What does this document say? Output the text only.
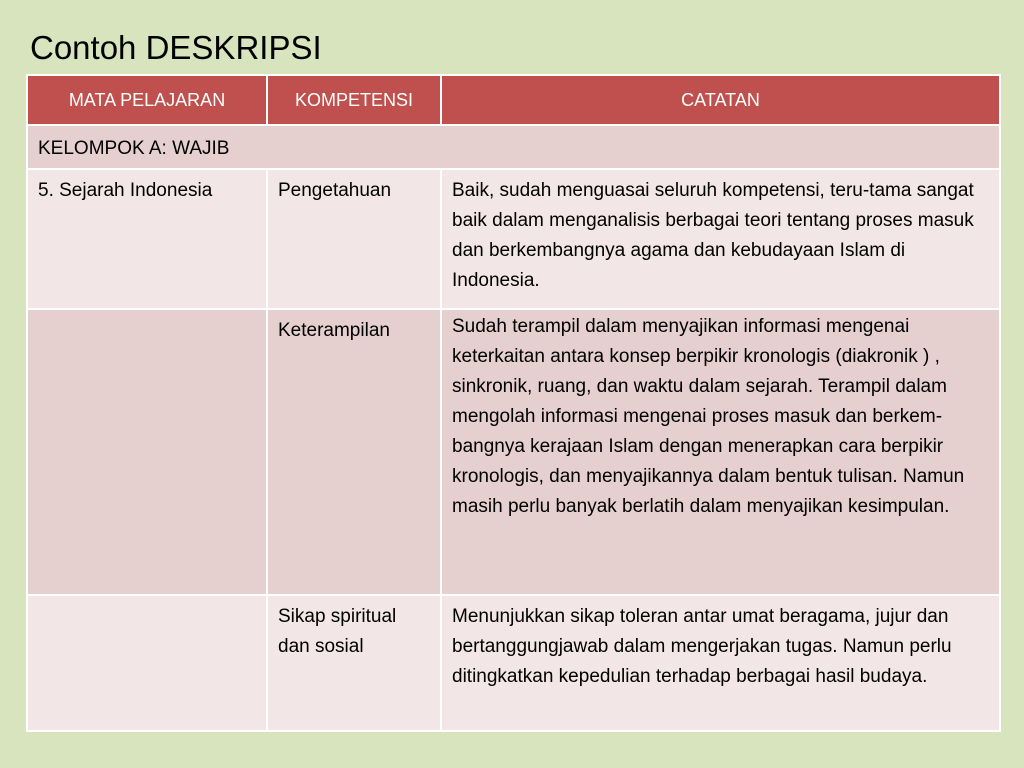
Contoh DESKRIPSI
MATA PELAJARAN	KOMPETENSI	CATATAN
KELOMPOK A: WAJIB		
5. Sejarah Indonesia	Pengetahuan	Baik, sudah menguasai seluruh kompetensi, teru-tama sangat baik dalam menganalisis berbagai teori tentang proses masuk dan berkembangnya agama dan kebudayaan Islam di Indonesia.
	Keterampilan	Sudah terampil dalam menyajikan informasi mengenai keterkaitan antara konsep berpikir kronologis (diakronik ) , sinkronik, ruang, dan waktu dalam sejarah. Terampil dalam mengolah informasi mengenai proses masuk dan berkem-bangnya kerajaan Islam dengan menerapkan cara berpikir kronologis, dan menyajikannya dalam bentuk tulisan. Namun masih perlu banyak berlatih dalam menyajikan kesimpulan.
	Sikap spiritual dan sosial	Menunjukkan sikap toleran antar umat beragama, jujur dan bertanggungjawab dalam mengerjakan tugas. Namun perlu ditingkatkan kepedulian terhadap berbagai hasil budaya.
